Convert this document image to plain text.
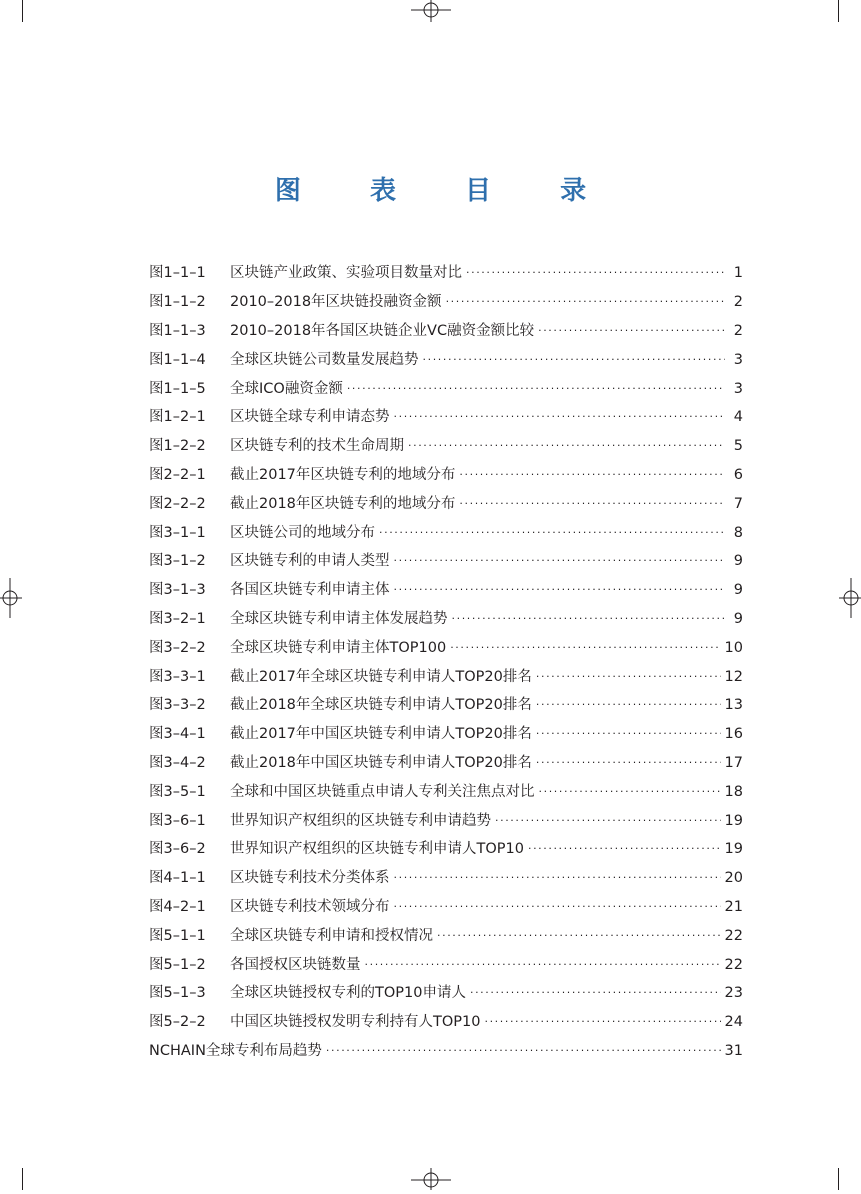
图 表 目 录
图1–1–1	区块链产业政策、实验项目数量对比 ·····	1
图1–1–2	2010–2018年区块链投融资金额 ·····	2
图1–1–3	2010–2018年各国区块链企业VC融资金额比较 ·····	2
图1–1–4	全球区块链公司数量发展趋势 ·····	3
图1–1–5	全球ICO融资金额 ·····	3
图1–2–1	区块链全球专利申请态势 ·····	4
图1–2–2	区块链专利的技术生命周期 ·····	5
图2–2–1	截止2017年区块链专利的地域分布 ·····	6
图2–2–2	截止2018年区块链专利的地域分布 ·····	7
图3–1–1	区块链公司的地域分布 ·····	8
图3–1–2	区块链专利的申请人类型 ·····	9
图3–1–3	各国区块链专利申请主体 ·····	9
图3–2–1	全球区块链专利申请主体发展趋势 ·····	9
图3–2–2	全球区块链专利申请主体TOP100 ·····	10
图3–3–1	截止2017年全球区块链专利申请人TOP20排名 ·····	12
图3–3–2	截止2018年全球区块链专利申请人TOP20排名 ·····	13
图3–4–1	截止2017年中国区块链专利申请人TOP20排名 ·····	16
图3–4–2	截止2018年中国区块链专利申请人TOP20排名 ·····	17
图3–5–1	全球和中国区块链重点申请人专利关注焦点对比 ·····	18
图3–6–1	世界知识产权组织的区块链专利申请趋势 ·····	19
图3–6–2	世界知识产权组织的区块链专利申请人TOP10 ·····	19
图4–1–1	区块链专利技术分类体系 ·····	20
图4–2–1	区块链专利技术领域分布 ·····	21
图5–1–1	全球区块链专利申请和授权情况 ·····	22
图5–1–2	各国授权区块链数量 ·····	22
图5–1–3	全球区块链授权专利的TOP10申请人 ·····	23
图5–2–2	中国区块链授权发明专利持有人TOP10 ·····	24
NCHAIN全球专利布局趋势 ·····	31
